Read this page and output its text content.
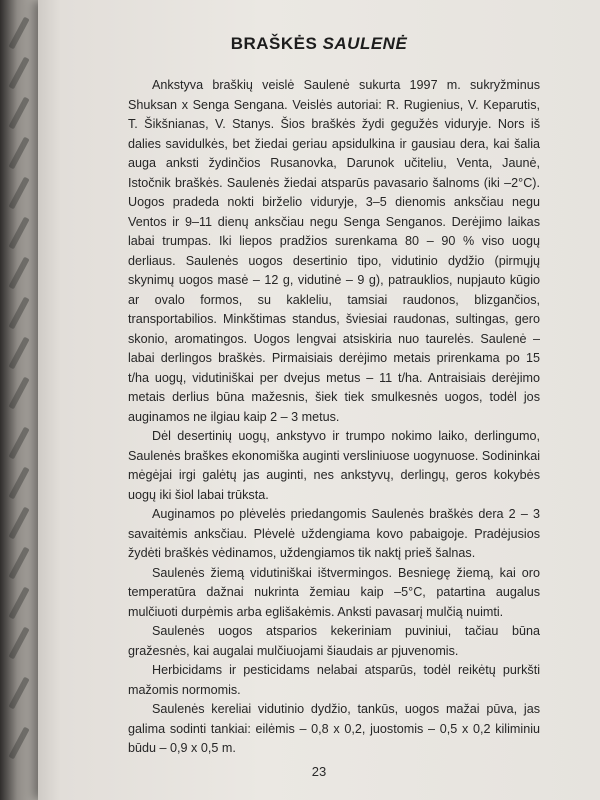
BRAŠKĖS SAULENĖ

Ankstyva braškių veislė Saulenė sukurta 1997 m. sukryžminus Shuksan x Senga Sengana. Veislės autoriai: R. Rugienius, V. Keparutis, T. Šikšnianas, V. Stanys. Šios braškės žydi gegužės viduryje. Nors iš dalies savidulkės, bet žiedai geriau apsidulkina ir gausiau dera, kai šalia auga anksti žydinčios Rusanovka, Darunok učiteliu, Venta, Jaunė, Istočnik braškės. Saulenės žiedai atsparūs pavasario šalnoms (iki –2°C). Uogos pradeda nokti birželio viduryje, 3–5 dienomis anksčiau negu Ventos ir 9–11 dienų anksčiau negu Senga Senganos. Derėjimo laikas labai trumpas. Iki liepos pradžios surenkama 80 – 90 % viso uogų derliaus. Saulenės uogos desertinio tipo, vidutinio dydžio (pirmųjų skynimų uogos masė – 12 g, vidutinė – 9 g), patrauklios, nupjauto kūgio ar ovalo formos, su kakleliu, tamsiai raudonos, blizgančios, transportabilios. Minkštimas standus, šviesiai raudonas, sultingas, gero skonio, aromatingos. Uogos lengvai atsiskiria nuo taurelės. Saulenė – labai derlingos braškės. Pirmaisiais derėjimo metais prirenkama po 15 t/ha uogų, vidutiniškai per dvejus metus – 11 t/ha. Antraisiais derėjimo metais derlius būna mažesnis, šiek tiek smulkesnės uogos, todėl jos auginamos ne ilgiau kaip 2 – 3 metus.

Dėl desertinių uogų, ankstyvo ir trumpo nokimo laiko, derlingumo, Saulenės braškes ekonomiška auginti versliniuose uogynuose. Sodininkai mėgėjai irgi galėtų jas auginti, nes ankstyvų, derlingų, geros kokybės uogų iki šiol labai trūksta.

Auginamos po plėvelės priedangomis Saulenės braškės dera 2 – 3 savaitėmis anksčiau. Plėvelė uždengiama kovo pabaigoje. Pradėjusios žydėti braškės vėdinamos, uždengiamos tik naktį prieš šalnas.

Saulenės žiemą vidutiniškai ištvermingos. Besniegę žiemą, kai oro temperatūra dažnai nukrinta žemiau kaip –5°C, patartina augalus mulčiuoti durpėmis arba eglišakėmis. Anksti pavasarį mulčią nuimti.

Saulenės uogos atsparios kekeriniam puviniui, tačiau būna gražesnės, kai augalai mulčiuojami šiaudais ar pjuvenomis.

Herbicidams ir pesticidams nelabai atsparūs, todėl reikėtų purkšti mažomis normomis.

Saulenės kereliai vidutinio dydžio, tankūs, uogos mažai pūva, jas galima sodinti tankiai: eilėmis – 0,8 x 0,2, juostomis – 0,5 x 0,2 kiliminiu būdu – 0,9 x 0,5 m.

23
